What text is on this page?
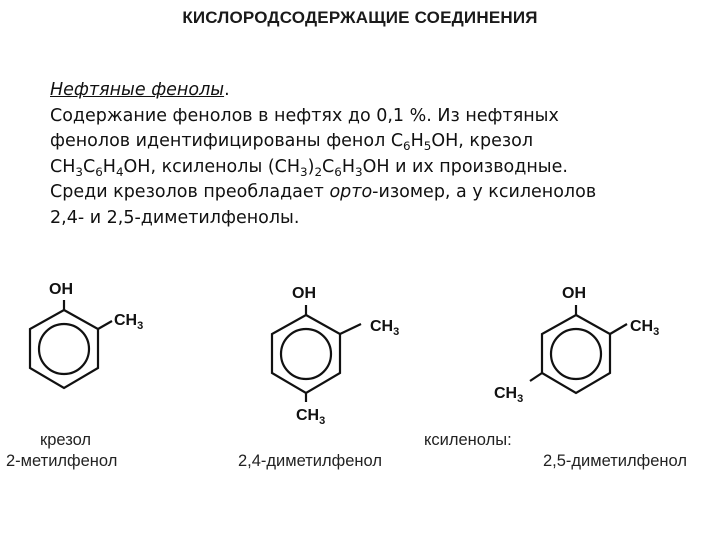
КИСЛОРОДСОДЕРЖАЩИЕ СОЕДИНЕНИЯ
Нефтяные фенолы.
Содержание фенолов в нефтях до 0,1 %. Из нефтяных
фенолов идентифицированы фенол $С_6Н_5ОН$, крезол
$СН_3С_6Н_4ОН$, ксиленолы $(СН_3)_2С_6Н_3ОН$ и их производные.
Среди крезолов преобладает орто-изомер, а у ксиленолов
2,4- и 2,5-диметилфенолы.
OH
$CH_3$
OH
$CH_3$
$CH_3$
OH
$CH_3$
$CH_3$
крезол
2-метилфенол	2,4-диметилфенол
ксиленолы:
2,5-диметилфенол
